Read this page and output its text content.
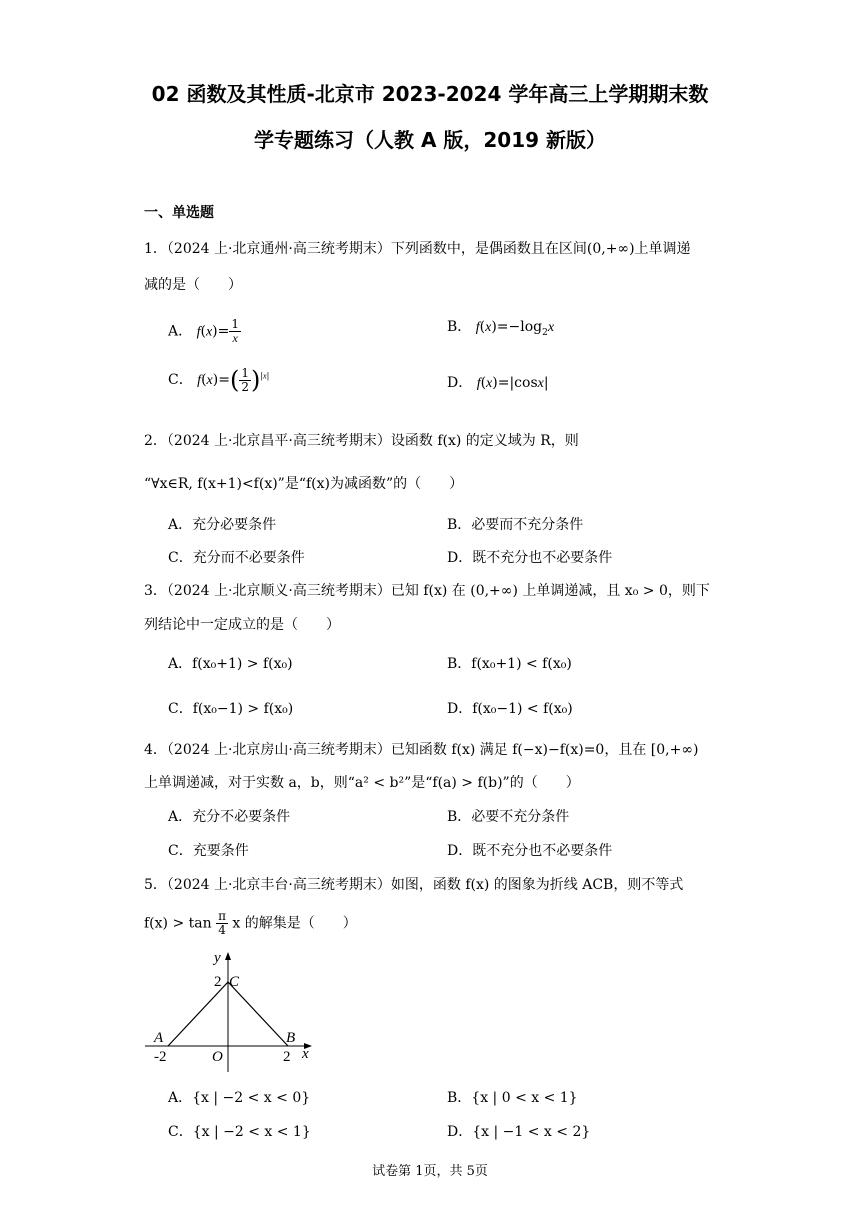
02 函数及其性质-北京市 2023-2024 学年高三上学期期末数
学专题练习（人教 A 版，2019 新版）
一、单选题
1．（2024 上·北京通州·高三统考期末）下列函数中，是偶函数且在区间(0,+∞)上单调递
减的是（　　）
A． $f(x)= \frac{1}{x}$	B． $f(x)=-\log_2x$
C． $f(x)=( \frac{1}{2} )^{|x|}$	D． f(x)=|cosx|
2．（2024 上·北京昌平·高三统考期末）设函数 f(x) 的定义域为 R，则
“∀x∈R, f(x+1)<f(x)”是“f(x)为减函数”的（　　）
A．充分必要条件	B．必要而不充分条件
C．充分而不必要条件	D．既不充分也不必要条件
3．（2024 上·北京顺义·高三统考期末）已知 f(x) 在 (0,+∞) 上单调递减，且 x₀ > 0，则下
列结论中一定成立的是（　　）
A．f(x₀+1) > f(x₀)	B．f(x₀+1) < f(x₀)
C．f(x₀−1) > f(x₀)	D．f(x₀−1) < f(x₀)
4．（2024 上·北京房山·高三统考期末）已知函数 f(x) 满足 f(−x)−f(x)=0，且在 [0,+∞)
上单调递减，对于实数 a，b，则“a² < b²”是“f(a) > f(b)”的（　　）
A．充分不必要条件	B．必要不充分条件
C．充要条件	D．既不充分也不必要条件
5．（2024 上·北京丰台·高三统考期末）如图，函数 f(x) 的图象为折线 ACB，则不等式
$f(x) > \tan \frac{\pi}{4}$ x 的解集是（　　）
y
x
C
2
A	B
-2	O	2
A．{x | −2 < x < 0}	B．{x | 0 < x < 1}
C．{x | −2 < x < 1}	D．{x | −1 < x < 2}
试卷第 1页，共 5页
